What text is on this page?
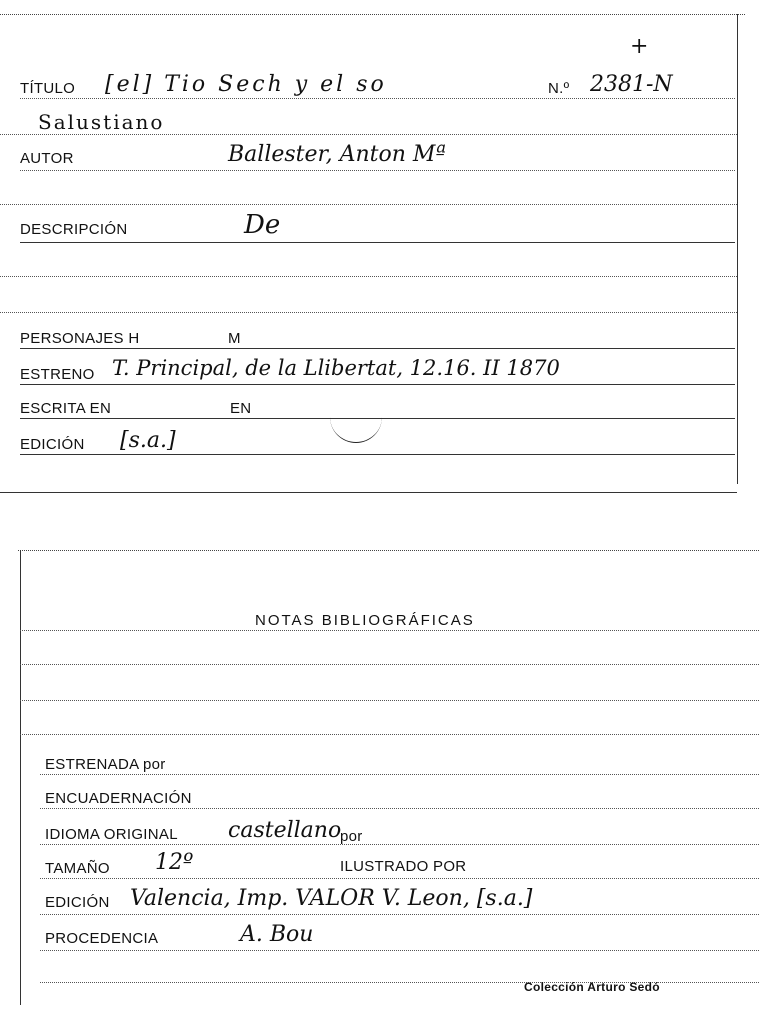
+
TÍTULO [el] Tio Sech y el so	N.º 2381-N
Salustiano
AUTOR	Ballester, Anton Mª
DESCRIPCIÓN	De
PERSONAJES H	M
ESTRENO T. Principal, de la Llibertat, 12.16. II 1870
ESCRITA EN	EN
EDICIÓN [s.a.]
NOTAS BIBLIOGRÁFICAS
ESTRENADA por
ENCUADERNACIÓN
IDIOMA ORIGINAL castellano
por
TAMAÑO 12º	ILUSTRADO POR
EDICIÓN Valencia, Imp. VALOR V. Leon, [s.a.]
PROCEDENCIA	A. Bou
Colección Arturo Sedó
